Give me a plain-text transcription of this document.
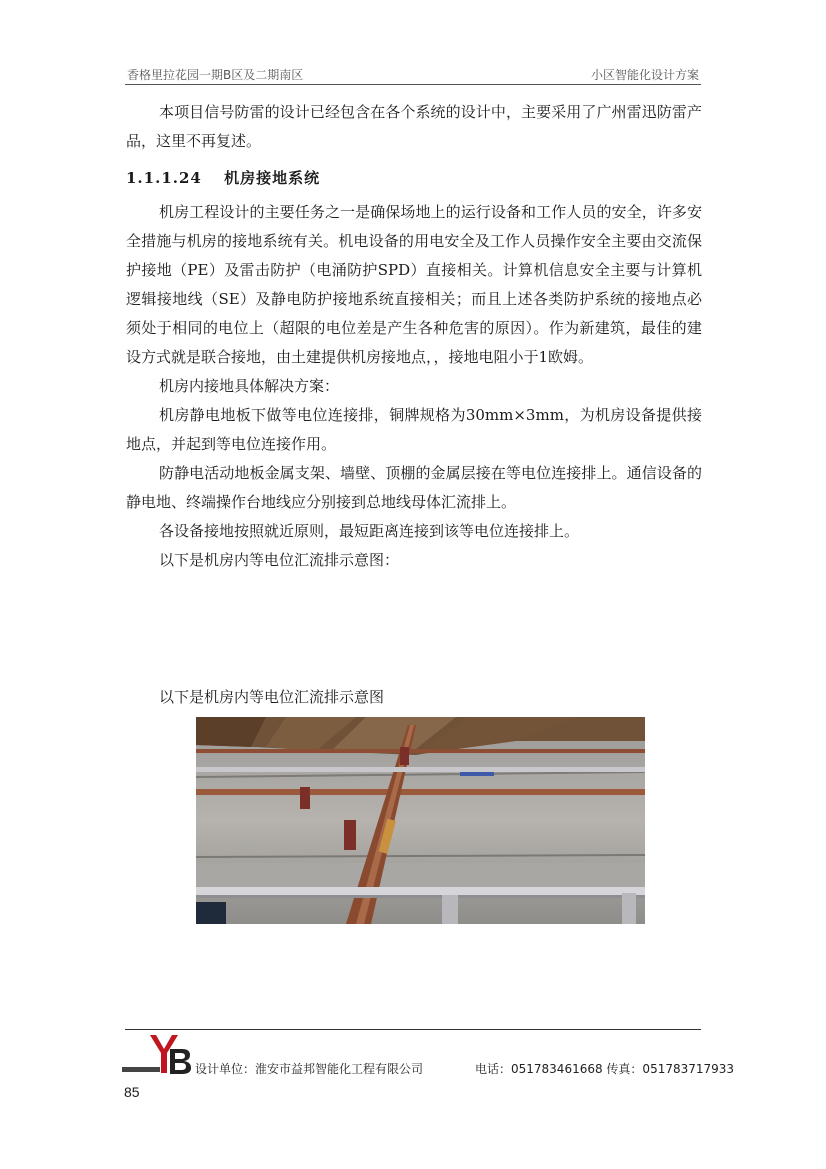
香格里拉花园一期B区及二期南区	小区智能化设计方案

本项目信号防雷的设计已经包含在各个系统的设计中，主要采用了广州雷迅防雷产品，这里不再复述。

1.1.1.24 机房接地系统

机房工程设计的主要任务之一是确保场地上的运行设备和工作人员的安全，许多安全措施与机房的接地系统有关。机电设备的用电安全及工作人员操作安全主要由交流保护接地（PE）及雷击防护（电涌防护SPD）直接相关。计算机信息安全主要与计算机逻辑接地线（SE）及静电防护接地系统直接相关；而且上述各类防护系统的接地点必须处于相同的电位上（超限的电位差是产生各种危害的原因）。作为新建筑，最佳的建设方式就是联合接地，由土建提供机房接地点，，接地电阻小于1欧姆。

机房内接地具体解决方案：

机房静电地板下做等电位连接排，铜牌规格为30mm×3mm，为机房设备提供接地点，并起到等电位连接作用。

防静电活动地板金属支架、墙壁、顶棚的金属层接在等电位连接排上。通信设备的静电地、终端操作台地线应分别接到总地线母体汇流排上。

各设备接地按照就近原则，最短距离连接到该等电位连接排上。

以下是机房内等电位汇流排示意图：

以下是机房内等电位汇流排示意图
设计单位：淮安市益邦智能化工程有限公司	电话：051783461668 传真：051783717933
85
